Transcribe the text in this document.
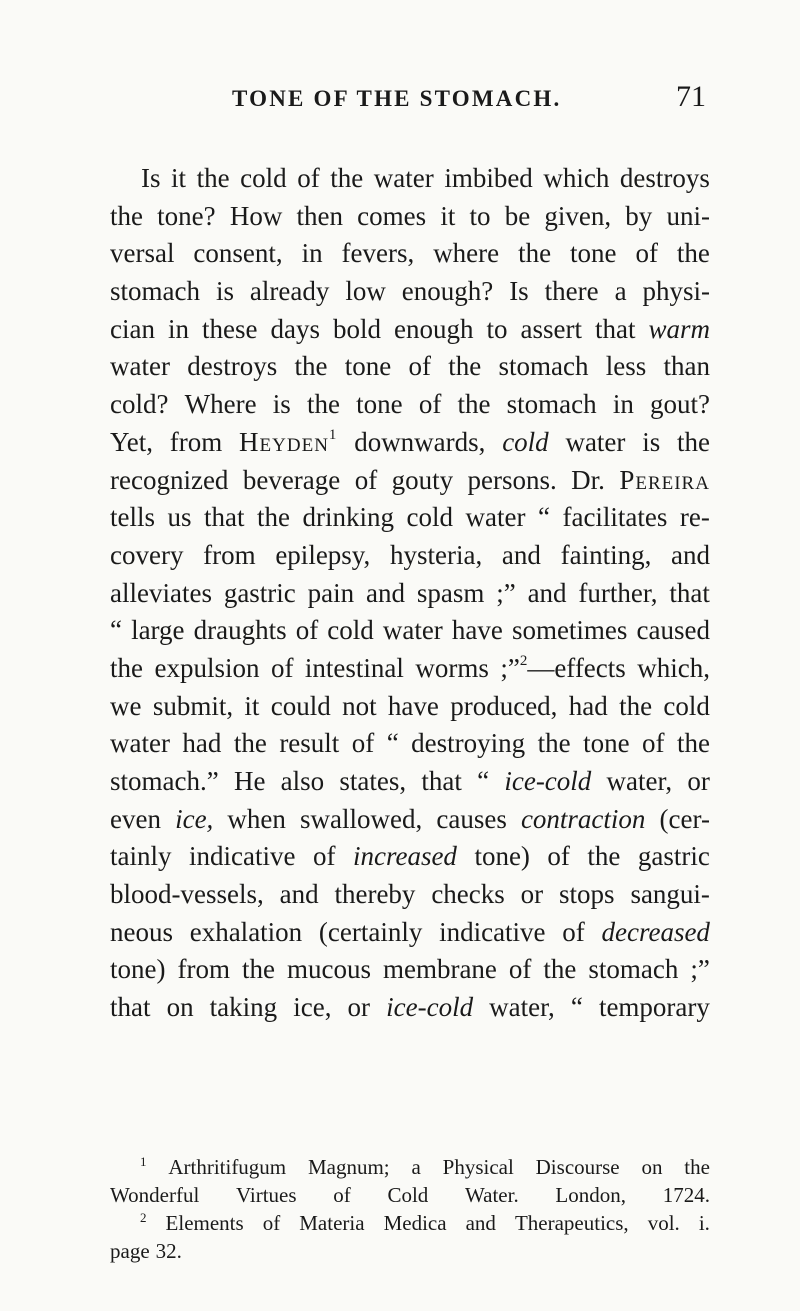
TONE OF THE STOMACH.	71
Is it the cold of the water imbibed which destroys
the tone? How then comes it to be given, by uni-
versal consent, in fevers, where the tone of the
stomach is already low enough? Is there a physi-
cian in these days bold enough to assert that warm
water destroys the tone of the stomach less than
cold? Where is the tone of the stomach in gout?
Yet, from Heyden$^1$ downwards, cold water is the
recognized beverage of gouty persons. Dr. Pereira
tells us that the drinking cold water “ facilitates re-
covery from epilepsy, hysteria, and fainting, and
alleviates gastric pain and spasm ;” and further, that
“ large draughts of cold water have sometimes caused
the expulsion of intestinal worms ;”$^2$—effects which,
we submit, it could not have produced, had the cold
water had the result of “ destroying the tone of the
stomach.” He also states, that “ ice-cold water, or
even ice, when swallowed, causes contraction (cer-
tainly indicative of increased tone) of the gastric
blood-vessels, and thereby checks or stops sangui-
neous exhalation (certainly indicative of decreased
tone) from the mucous membrane of the stomach ;”
that on taking ice, or ice-cold water, “ temporary
$^1$ Arthritifugum Magnum; a Physical Discourse on the
Wonderful Virtues of Cold Water. London, 1724.
$^2$ Elements of Materia Medica and Therapeutics, vol. i.
page 32.
